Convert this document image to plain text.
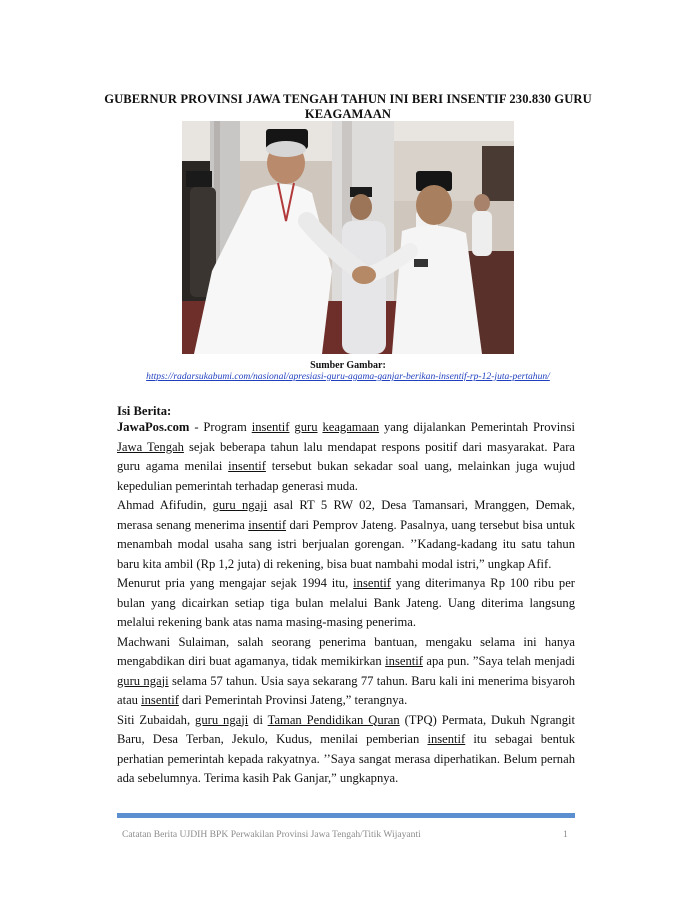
GUBERNUR PROVINSI JAWA TENGAH TAHUN INI BERI INSENTIF 230.830 GURU KEAGAMAAN
Sumber Gambar:
https://radarsukabumi.com/nasional/apresiasi-guru-agama-ganjar-berikan-insentif-rp-12-juta-pertahun/
Isi Berita:

JawaPos.com - Program insentif guru keagamaan yang dijalankan Pemerintah Provinsi Jawa Tengah sejak beberapa tahun lalu mendapat respons positif dari masyarakat. Para guru agama menilai insentif tersebut bukan sekadar soal uang, melainkan juga wujud kepedulian pemerintah terhadap generasi muda.

Ahmad Afifudin, guru ngaji asal RT 5 RW 02, Desa Tamansari, Mranggen, Demak, merasa senang menerima insentif dari Pemprov Jateng. Pasalnya, uang tersebut bisa untuk menambah modal usaha sang istri berjualan gorengan. ’’Kadang-kadang itu satu tahun baru kita ambil (Rp 1,2 juta) di rekening, bisa buat nambahi modal istri,” ungkap Afif.

Menurut pria yang mengajar sejak 1994 itu, insentif yang diterimanya Rp 100 ribu per bulan yang dicairkan setiap tiga bulan melalui Bank Jateng. Uang diterima langsung melalui rekening bank atas nama masing-masing penerima.

Machwani Sulaiman, salah seorang penerima bantuan, mengaku selama ini hanya mengabdikan diri buat agamanya, tidak memikirkan insentif apa pun. ”Saya telah menjadi guru ngaji selama 57 tahun. Usia saya sekarang 77 tahun. Baru kali ini menerima bisyaroh atau insentif dari Pemerintah Provinsi Jateng,” terangnya.

Siti Zubaidah, guru ngaji di Taman Pendidikan Quran (TPQ) Permata, Dukuh Ngrangit Baru, Desa Terban, Jekulo, Kudus, menilai pemberian insentif itu sebagai bentuk perhatian pemerintah kepada rakyatnya. ’’Saya sangat merasa diperhatikan. Belum pernah ada sebelumnya. Terima kasih Pak Ganjar,” ungkapnya.

Catatan Berita UJDIH BPK Perwakilan Provinsi Jawa Tengah/Titik Wijayanti	1
